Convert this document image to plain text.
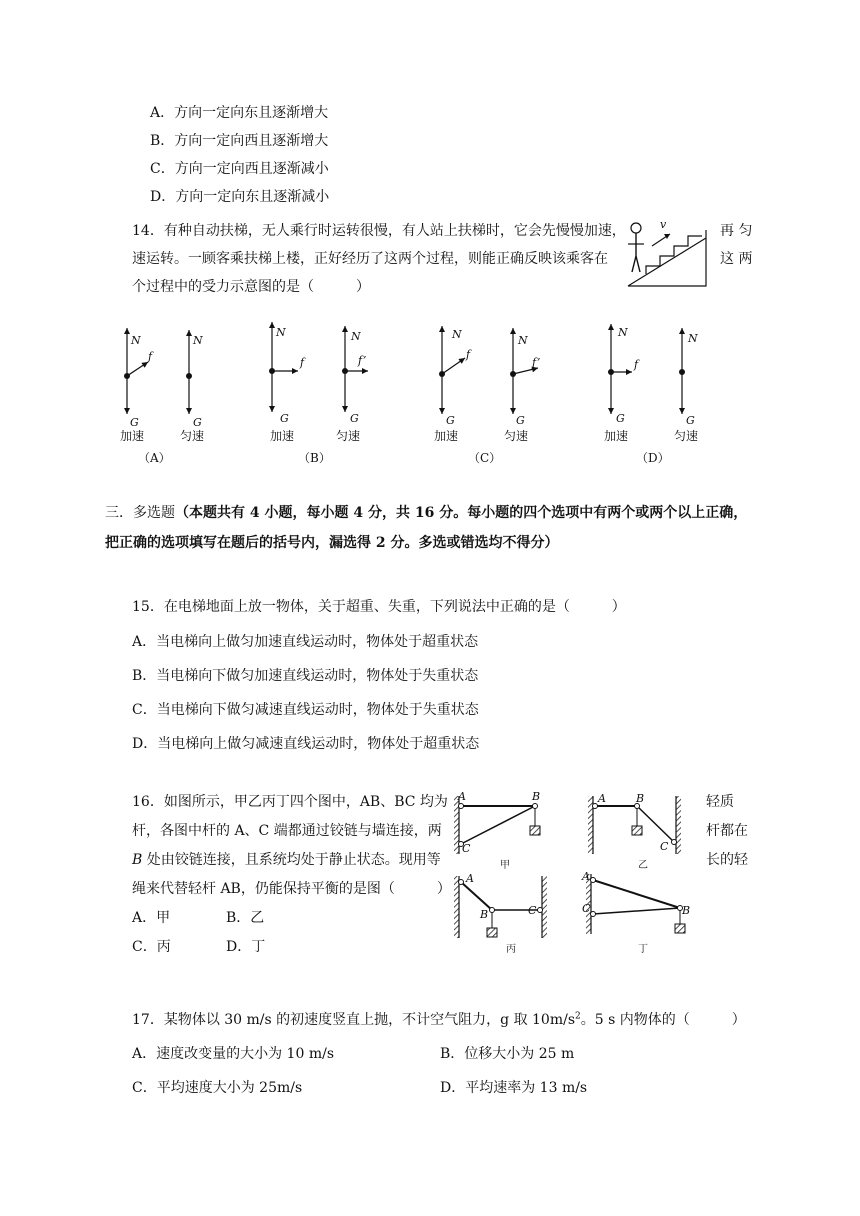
A．方向一定向东且逐渐增大
B．方向一定向西且逐渐增大
C．方向一定向西且逐渐减小
D．方向一定向东且逐渐减小
14．有种自动扶梯，无人乘行时运转很慢，有人站上扶梯时，它会先慢慢加速，	再 匀
速运转。一顾客乘扶梯上楼，正好经历了这两个过程，则能正确反映该乘客在	这 两
个过程中的受力示意图的是（　　　）
v
N
f
G
加速
N
G
匀速
（A）
N
f
G
加速
N
f’
G
匀速
（B）
N
f
G
加速
N
f’
G
匀速
（C）
N
f
G
加速
N
G
匀速
（D）
三．多选题（本题共有 4 小题，每小题 4 分，共 16 分。每小题的四个选项中有两个或两个以上正确，
把正确的选项填写在题后的括号内，漏选得 2 分。多选或错选均不得分）
15．在电梯地面上放一物体，关于超重、失重，下列说法中正确的是（　　　）
A．当电梯向上做匀加速直线运动时，物体处于超重状态
B．当电梯向下做匀加速直线运动时，物体处于失重状态
C．当电梯向下做匀减速直线运动时，物体处于失重状态
D．当电梯向上做匀减速直线运动时，物体处于超重状态
16．如图所示，甲乙丙丁四个图中，AB、BC 均为	轻质
杆，各图中杆的 A、C 端都通过铰链与墙连接，两	杆都在
B 处由铰链连接，且系统均处于静止状态。现用等	长的轻
绳来代替轻杆 AB，仍能保持平衡的是图（　　　）
A．甲	B．乙
C．丙	D．丁
A	B
C
甲
A	B
C
乙
A
B	C
丙
A
C	B
丁
17．某物体以 30 m/s 的初速度竖直上抛，不计空气阻力，g 取 $10m/s^2$。5 s 内物体的（　　　）
A．速度改变量的大小为 10 m/s	B．位移大小为 25 m
C．平均速度大小为 25m/s	D．平均速率为 13 m/s
